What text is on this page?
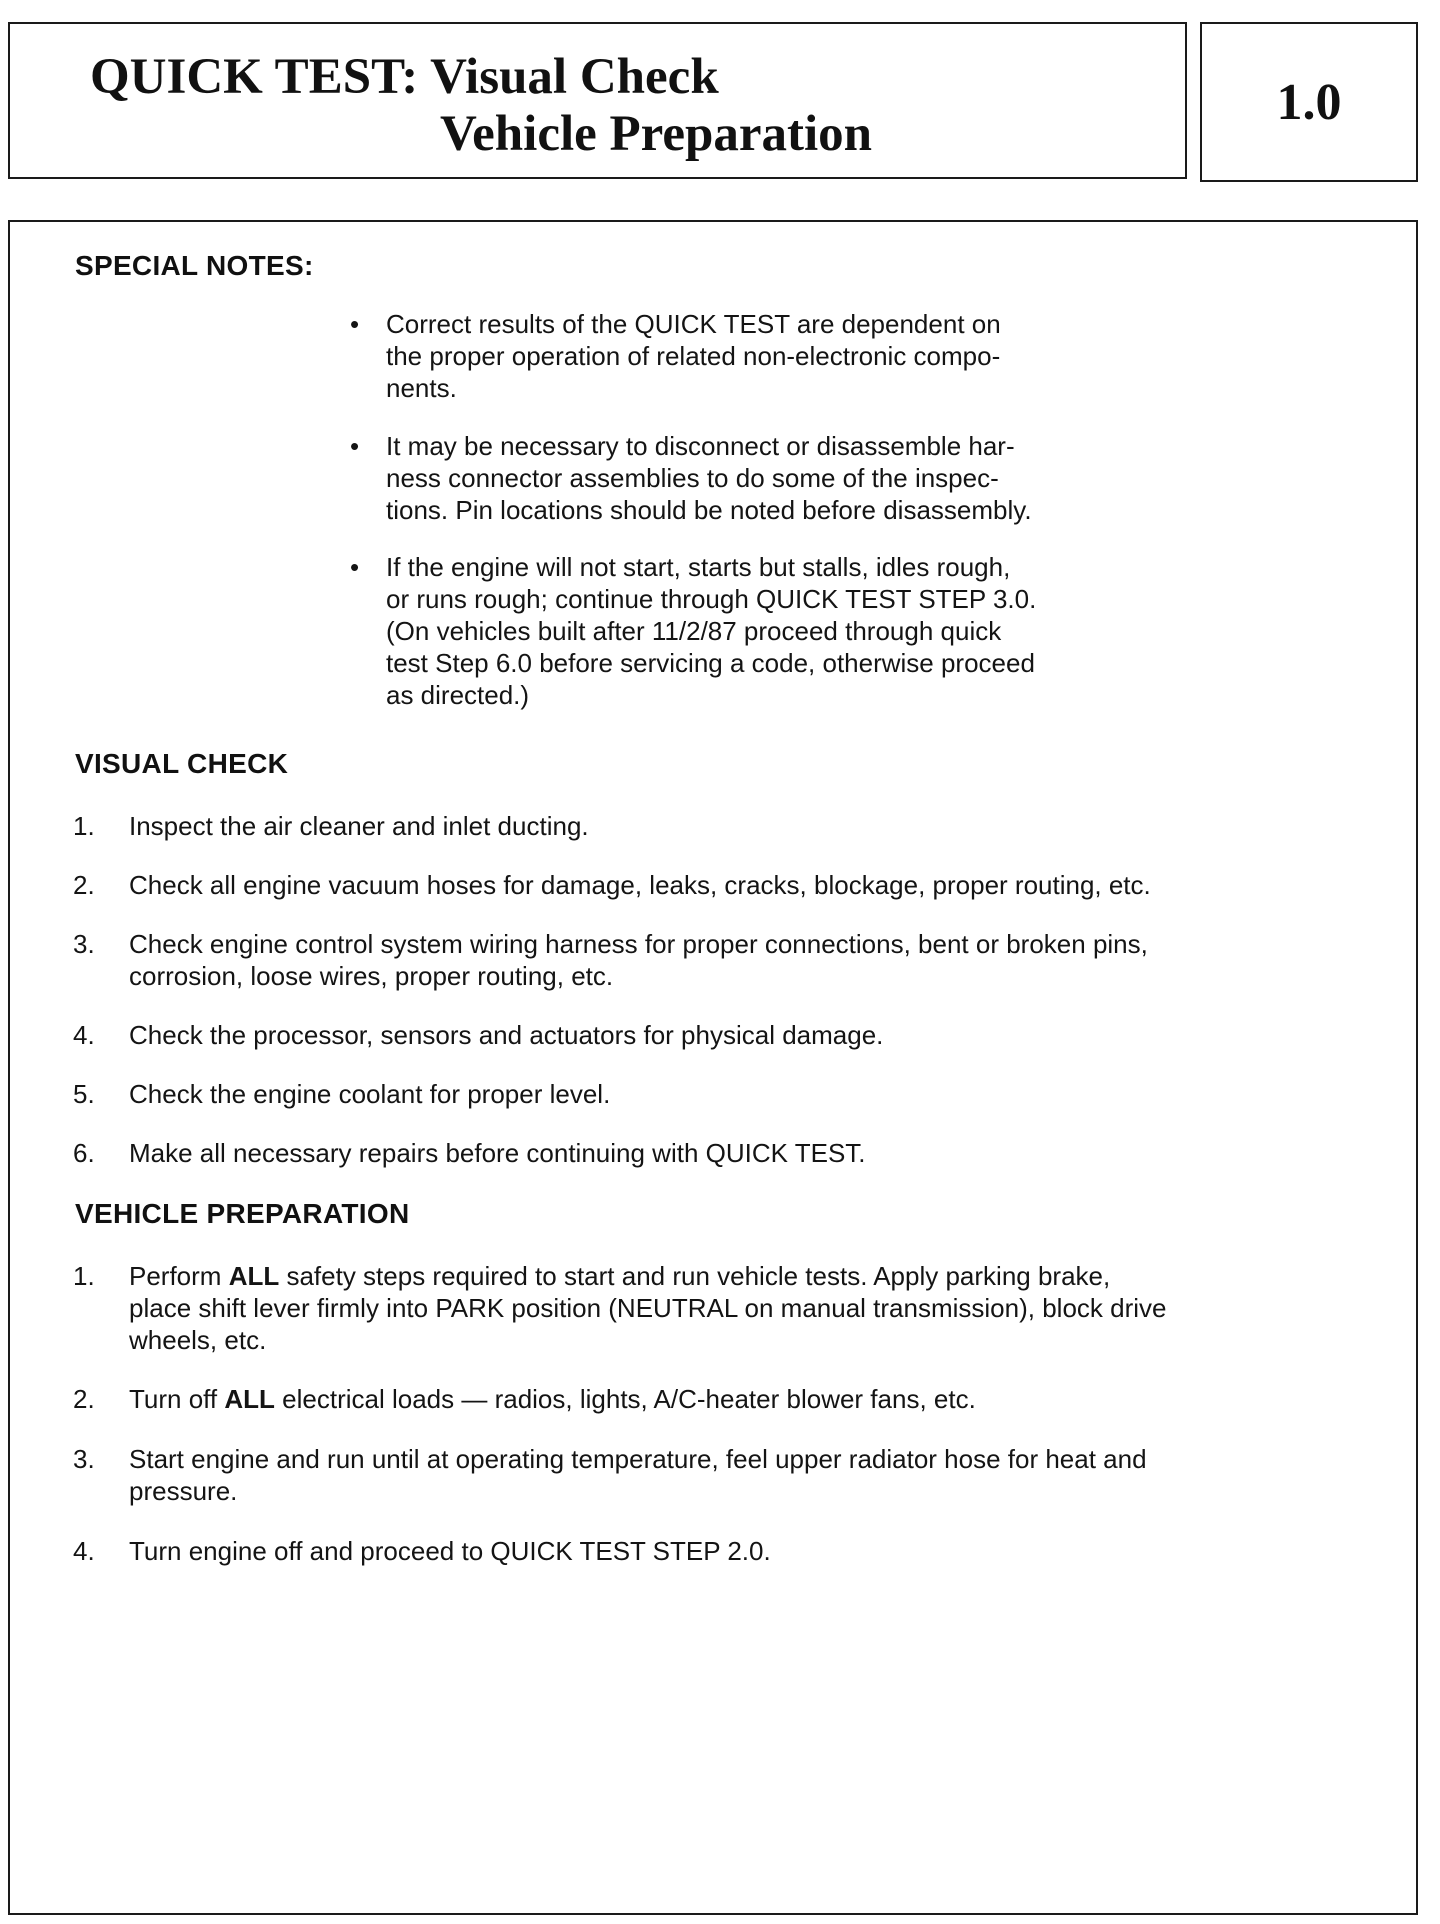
QUICK TEST: Visual Check
Vehicle Preparation
1.0
SPECIAL NOTES:
•	Correct results of the QUICK TEST are dependent on
the proper operation of related non-electronic compo-
nents.
•	It may be necessary to disconnect or disassemble har-
ness connector assemblies to do some of the inspec-
tions. Pin locations should be noted before disassembly.
•	If the engine will not start, starts but stalls, idles rough,
or runs rough; continue through QUICK TEST STEP 3.0.
(On vehicles built after 11/2/87 proceed through quick
test Step 6.0 before servicing a code, otherwise proceed
as directed.)
VISUAL CHECK
1.	Inspect the air cleaner and inlet ducting.
2.	Check all engine vacuum hoses for damage, leaks, cracks, blockage, proper routing, etc.
3.	Check engine control system wiring harness for proper connections, bent or broken pins,
corrosion, loose wires, proper routing, etc.
4.	Check the processor, sensors and actuators for physical damage.
5.	Check the engine coolant for proper level.
6.	Make all necessary repairs before continuing with QUICK TEST.
VEHICLE PREPARATION
1.	Perform ALL safety steps required to start and run vehicle tests. Apply parking brake,
place shift lever firmly into PARK position (NEUTRAL on manual transmission), block drive
wheels, etc.
2.	Turn off ALL electrical loads — radios, lights, A/C-heater blower fans, etc.
3.	Start engine and run until at operating temperature, feel upper radiator hose for heat and
pressure.
4.	Turn engine off and proceed to QUICK TEST STEP 2.0.
